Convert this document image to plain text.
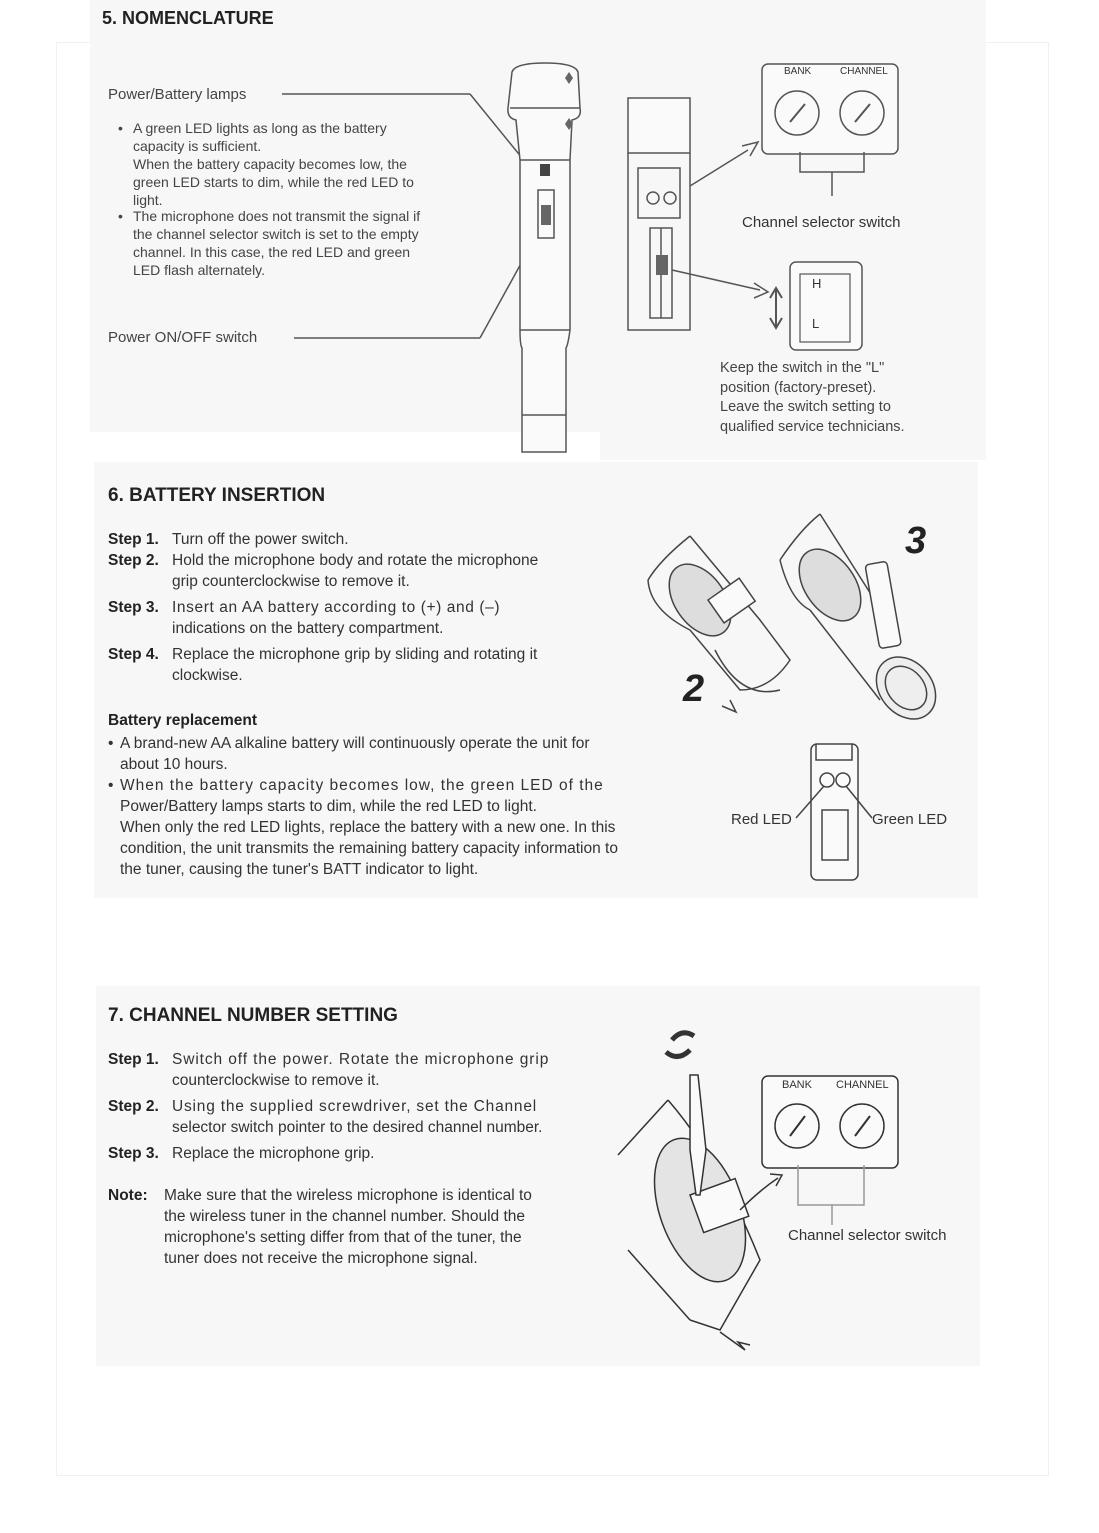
5. NOMENCLATURE
Power/Battery lamps
• A green LED lights as long as the battery
capacity is sufficient.
When the battery capacity becomes low, the
green LED starts to dim, while the red LED to
light.
• The microphone does not transmit the signal if
the channel selector switch is set to the empty
channel. In this case, the red LED and green
LED flash alternately.
Power ON/OFF switch
BANK	CHANNEL
H
L
Channel selector switch
Keep the switch in the "L"
position (factory-preset).
Leave the switch setting to
qualified service technicians.
6. BATTERY INSERTION
Step 1. Turn off the power switch.
Step 2. Hold the microphone body and rotate the microphone
grip counterclockwise to remove it.
Step 3. Insert an AA battery according to (+) and (–)
indications on the battery compartment.
Step 4. Replace the microphone grip by sliding and rotating it
clockwise.
Battery replacement
• A brand-new AA alkaline battery will continuously operate the unit for
about 10 hours.
• When the battery capacity becomes low, the green LED of the
Power/Battery lamps starts to dim, while the red LED to light.
When only the red LED lights, replace the battery with a new one. In this
condition, the unit transmits the remaining battery capacity information to
the tuner, causing the tuner's BATT indicator to light.
2
3
Red LED	Green LED
7. CHANNEL NUMBER SETTING
Step 1. Switch off the power. Rotate the microphone grip
counterclockwise to remove it.
Step 2. Using the supplied screwdriver, set the Channel
selector switch pointer to the desired channel number.
Step 3. Replace the microphone grip.
Note: Make sure that the wireless microphone is identical to
the wireless tuner in the channel number. Should the
microphone's setting differ from that of the tuner, the
tuner does not receive the microphone signal.
BANK CHANNEL
Channel selector switch
